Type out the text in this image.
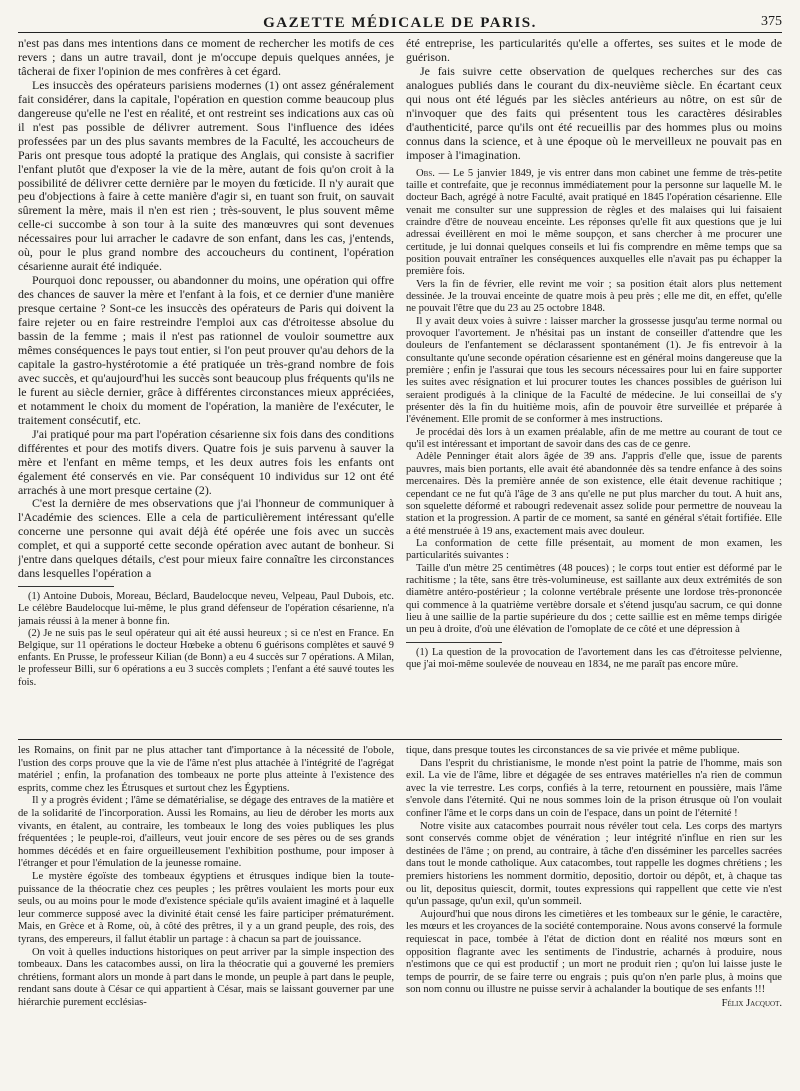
GAZETTE MÉDICALE DE PARIS.	375

n'est pas dans mes intentions dans ce moment de rechercher les motifs de ces revers ; dans un autre travail, dont je m'occupe depuis quelques années, je tâcherai de fixer l'opinion de mes confrères à cet égard.

Les insuccès des opérateurs parisiens modernes (1) ont assez généralement fait considérer, dans la capitale, l'opération en question comme beaucoup plus dangereuse qu'elle ne l'est en réalité, et ont restreint ses indications aux cas où il n'est pas possible de délivrer autrement. Sous l'influence des idées professées par un des plus savants membres de la Faculté, les accoucheurs de Paris ont presque tous adopté la pratique des Anglais, qui consiste à sacrifier l'enfant plutôt que d'exposer la vie de la mère, autant de fois qu'on croit à la possibilité de délivrer cette dernière par le moyen du fœticide. Il n'y aurait que peu d'objections à faire à cette manière d'agir si, en tuant son fruit, on sauvait sûrement la mère, mais il n'en est rien ; très-souvent, le plus souvent même celle-ci succombe à son tour à la suite des manœuvres qui sont devenues nécessaires pour lui arracher le cadavre de son enfant, dans les cas, j'entends, où, pour le plus grand nombre des accoucheurs du continent, l'opération césarienne aurait été indiquée.

Pourquoi donc repousser, ou abandonner du moins, une opération qui offre des chances de sauver la mère et l'enfant à la fois, et ce dernier d'une manière presque certaine ? Sont-ce les insuccès des opérateurs de Paris qui doivent la faire rejeter ou en faire restreindre l'emploi aux cas d'étroitesse absolue du bassin de la femme ; mais il n'est pas rationnel de vouloir soumettre aux mêmes conséquences le pays tout entier, si l'on peut prouver qu'au dehors de la capitale la gastro-hystérotomie a été pratiquée un très-grand nombre de fois avec succès, et qu'aujourd'hui les succès sont beaucoup plus fréquents qu'ils ne le furent au siècle dernier, grâce à différentes circonstances mieux appréciées, et notamment le choix du moment de l'opération, la manière de l'exécuter, le traitement consécutif, etc.

J'ai pratiqué pour ma part l'opération césarienne six fois dans des conditions différentes et pour des motifs divers. Quatre fois je suis parvenu à sauver la mère et l'enfant en même temps, et les deux autres fois les enfants ont également été conservés en vie. Par conséquent 10 individus sur 12 ont été arrachés à une mort presque certaine (2).

C'est la dernière de mes observations que j'ai l'honneur de communiquer à l'Académie des sciences. Elle a cela de particulièrement intéressant qu'elle concerne une personne qui avait déjà été opérée une fois avec un succès complet, et qui a supporté cette seconde opération avec autant de bonheur. Si j'entre dans quelques détails, c'est pour mieux faire connaître les circonstances dans lesquelles l'opération a

(1) Antoine Dubois, Moreau, Béclard, Baudelocque neveu, Velpeau, Paul Dubois, etc. Le célèbre Baudelocque lui-même, le plus grand défenseur de l'opération césarienne, n'a jamais réussi à la mener à bonne fin.

(2) Je ne suis pas le seul opérateur qui ait été aussi heureux ; si ce n'est en France. En Belgique, sur 11 opérations le docteur Hœbeke a obtenu 6 guérisons complètes et sauvé 9 enfants. En Prusse, le professeur Kilian (de Bonn) a eu 4 succès sur 7 opérations. A Milan, le professeur Billi, sur 6 opérations a eu 3 succès complets ; l'enfant a été sauvé toutes les fois.

été entreprise, les particularités qu'elle a offertes, ses suites et le mode de guérison.

Je fais suivre cette observation de quelques recherches sur des cas analogues publiés dans le courant du dix-neuvième siècle. En écartant ceux qui nous ont été légués par les siècles antérieurs au nôtre, on est sûr de n'invoquer que des faits qui présentent tous les caractères désirables d'authenticité, parce qu'ils ont été recueillis par des hommes plus ou moins connus dans la science, et à une époque où le merveilleux ne pouvait pas en imposer à l'imagination.

Obs. — Le 5 janvier 1849, je vis entrer dans mon cabinet une femme de très-petite taille et contrefaite, que je reconnus immédiatement pour la personne sur laquelle M. le docteur Bach, agrégé à notre Faculté, avait pratiqué en 1845 l'opération césarienne. Elle venait me consulter sur une suppression de règles et des malaises qui lui faisaient craindre d'être de nouveau enceinte. Les réponses qu'elle fit aux questions que je lui adressai éveillèrent en moi le même soupçon, et sans chercher à me procurer une certitude, je lui donnai quelques conseils et lui fis comprendre en même temps que sa position pouvait entraîner les conséquences auxquelles elle n'avait pas pu échapper la première fois.

Vers la fin de février, elle revint me voir ; sa position était alors plus nettement dessinée. Je la trouvai enceinte de quatre mois à peu près ; elle me dit, en effet, qu'elle ne pouvait l'être que du 23 au 25 octobre 1848.

Il y avait deux voies à suivre : laisser marcher la grossesse jusqu'au terme normal ou provoquer l'avortement. Je n'hésitai pas un instant de conseiller d'attendre que les douleurs de l'enfantement se déclarassent spontanément (1). Je fis entrevoir à la consultante qu'une seconde opération césarienne est en général moins dangereuse que la première ; enfin je l'assurai que tous les secours nécessaires pour lui en faire supporter les suites avec résignation et lui procurer toutes les chances possibles de guérison lui seraient prodigués à la clinique de la Faculté de médecine. Je lui conseillai de s'y présenter dès la fin du huitième mois, afin de pouvoir être surveillée et préparée à l'événement. Elle promit de se conformer à mes instructions.

Je procédai dès lors à un examen préalable, afin de me mettre au courant de tout ce qu'il est intéressant et important de savoir dans des cas de ce genre.

Adèle Penninger était alors âgée de 39 ans. J'appris d'elle que, issue de parents pauvres, mais bien portants, elle avait été abandonnée dès sa tendre enfance à des soins mercenaires. Dès la première année de son existence, elle était devenue rachitique ; cependant ce ne fut qu'à l'âge de 3 ans qu'elle ne put plus marcher du tout. A huit ans, son squelette déformé et rabougri redevenait assez solide pour permettre de nouveau la station et la progression. A partir de ce moment, sa santé en général s'était fortifiée. Elle a été menstruée à 19 ans, exactement mais avec douleur.

La conformation de cette fille présentait, au moment de mon examen, les particularités suivantes :

Taille d'un mètre 25 centimètres (48 pouces) ; le corps tout entier est déformé par le rachitisme ; la tête, sans être très-volumineuse, est saillante aux deux extrémités de son diamètre antéro-postérieur ; la colonne vertébrale présente une lordose très-prononcée qui commence à la quatrième vertèbre dorsale et s'étend jusqu'au sacrum, ce qui donne lieu à une saillie de la partie supérieure du dos ; cette saillie est en même temps dirigée un peu à droite, d'où une élévation de l'omoplate de ce côté et une dépression à

(1) La question de la provocation de l'avortement dans les cas d'étroitesse pelvienne, que j'ai moi-même soulevée de nouveau en 1834, ne me paraît pas encore mûre.

les Romains, on finit par ne plus attacher tant d'importance à la nécessité de l'obole, l'ustion des corps prouve que la vie de l'âme n'est plus attachée à l'intégrité de l'agrégat matériel ; enfin, la profanation des tombeaux ne porte plus atteinte à l'existence des esprits, comme chez les Étrusques et surtout chez les Égyptiens.

Il y a progrès évident ; l'âme se dématérialise, se dégage des entraves de la matière et de la solidarité de l'incorporation. Aussi les Romains, au lieu de dérober les morts aux vivants, en étalent, au contraire, les tombeaux le long des voies publiques les plus fréquentées ; le peuple-roi, d'ailleurs, veut jouir encore de ses pères ou de ses grands hommes décédés et en faire orgueilleusement l'exhibition posthume, pour imposer à l'étranger et pour l'émulation de la jeunesse romaine.

Le mystère égoïste des tombeaux égyptiens et étrusques indique bien la toute-puissance de la théocratie chez ces peuples ; les prêtres voulaient les morts pour eux seuls, ou au moins pour le mode d'existence spéciale qu'ils avaient imaginé et à laquelle leur commerce supposé avec la divinité était censé les faire participer prématurément. Mais, en Grèce et à Rome, où, à côté des prêtres, il y a un grand peuple, des rois, des tyrans, des empereurs, il fallut établir un partage : à chacun sa part de jouissance.

On voit à quelles inductions historiques on peut arriver par la simple inspection des tombeaux. Dans les catacombes aussi, on lira la théocratie qui a gouverné les premiers chrétiens, formant alors un monde à part dans le monde, un peuple à part dans le peuple, rendant sans doute à César ce qui appartient à César, mais se laissant gouverner par une hiérarchie purement ecclésias-

tique, dans presque toutes les circonstances de sa vie privée et même publique.

Dans l'esprit du christianisme, le monde n'est point la patrie de l'homme, mais son exil. La vie de l'âme, libre et dégagée de ses entraves matérielles n'a rien de commun avec la vie terrestre. Les corps, confiés à la terre, retournent en poussière, mais l'âme s'envole dans l'éternité. Qui ne nous sommes loin de la prison étrusque où l'on voulait confiner l'âme et le corps dans un coin de l'espace, dans un point de l'éternité !

Notre visite aux catacombes pourrait nous révéler tout cela. Les corps des martyrs sont conservés comme objet de vénération ; leur intégrité n'influe en rien sur les destinées de l'âme ; on prend, au contraire, à tâche d'en disséminer les parcelles sacrées dans tout le monde catholique. Aux catacombes, tout rappelle les dogmes chrétiens ; les premiers historiens les nomment dormitio, depositio, dortoir ou dépôt, et, à chaque tas ou lit, depositus quiescit, dormit, toutes expressions qui rappellent que cette vie n'est qu'un passage, qu'un exil, qu'un sommeil.

Aujourd'hui que nous dirons les cimetières et les tombeaux sur le génie, le caractère, les mœurs et les croyances de la société contemporaine. Nous avons conservé la formule requiescat in pace, tombée à l'état de diction dont en réalité nos mœurs sont en opposition flagrante avec les sentiments de l'industrie, acharnés à produire, nous n'estimons que ce qui est productif ; un mort ne produit rien ; qu'on lui laisse juste le temps de pourrir, de se faire terre ou engrais ; puis qu'on n'en parle plus, à moins que son nom connu ou illustre ne puisse servir à achalander la boutique de ses enfants !!!

Félix Jacquot.
